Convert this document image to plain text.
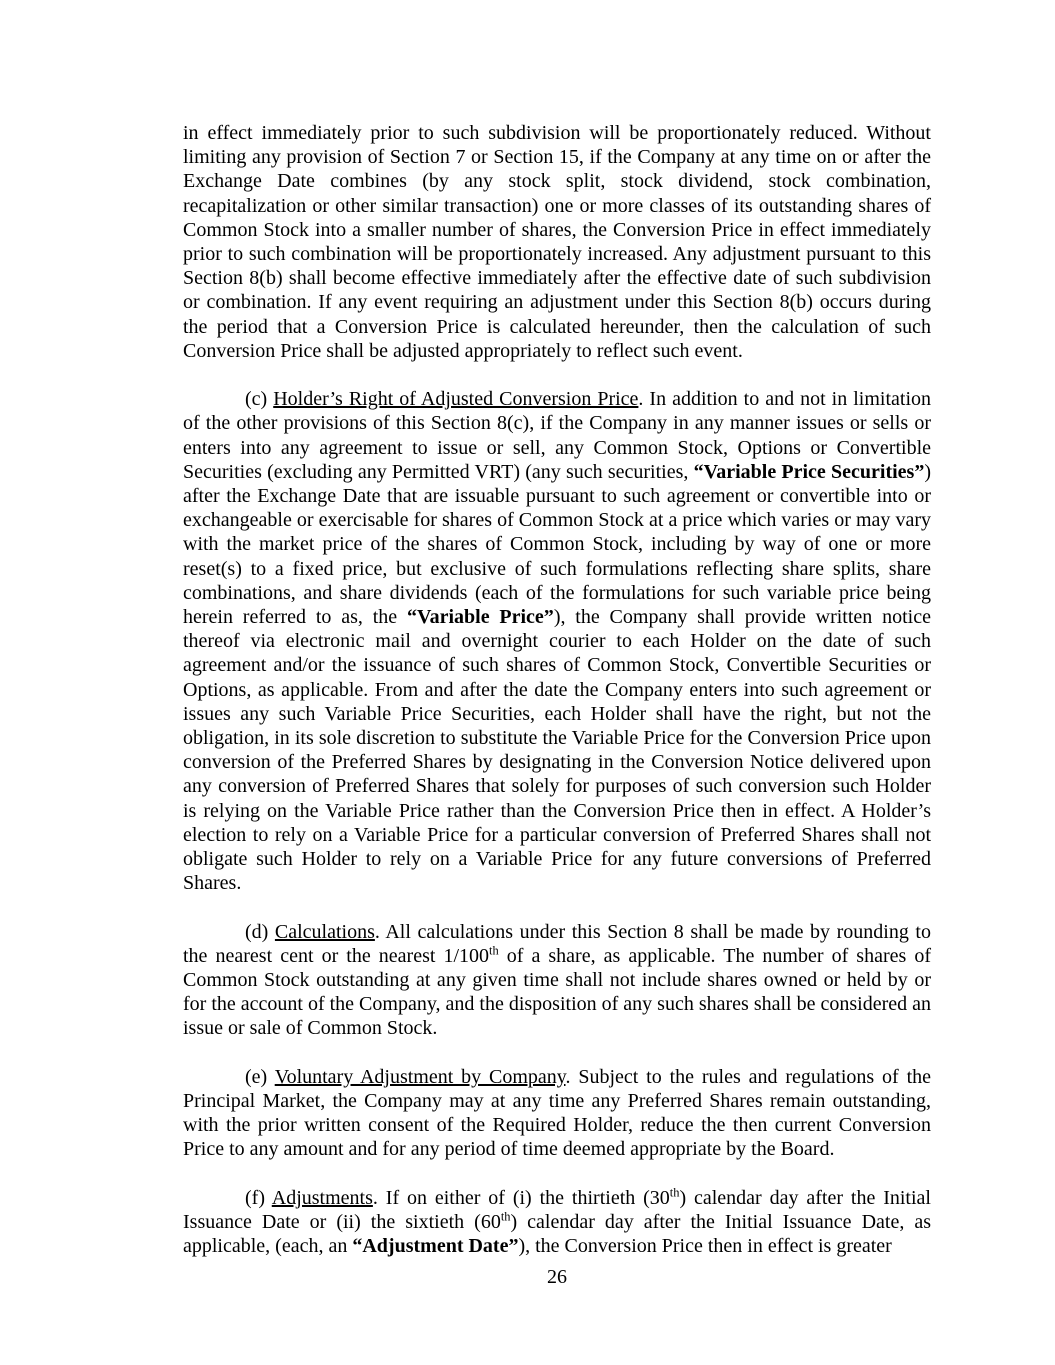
in effect immediately prior to such subdivision will be proportionately reduced. Without limiting any provision of Section 7 or Section 15, if the Company at any time on or after the Exchange Date combines (by any stock split, stock dividend, stock combination, recapitalization or other similar transaction) one or more classes of its outstanding shares of Common Stock into a smaller number of shares, the Conversion Price in effect immediately prior to such combination will be proportionately increased. Any adjustment pursuant to this Section 8(b) shall become effective immediately after the effective date of such subdivision or combination. If any event requiring an adjustment under this Section 8(b) occurs during the period that a Conversion Price is calculated hereunder, then the calculation of such Conversion Price shall be adjusted appropriately to reflect such event.

(c) Holder’s Right of Adjusted Conversion Price. In addition to and not in limitation of the other provisions of this Section 8(c), if the Company in any manner issues or sells or enters into any agreement to issue or sell, any Common Stock, Options or Convertible Securities (excluding any Permitted VRT) (any such securities, “Variable Price Securities”) after the Exchange Date that are issuable pursuant to such agreement or convertible into or exchangeable or exercisable for shares of Common Stock at a price which varies or may vary with the market price of the shares of Common Stock, including by way of one or more reset(s) to a fixed price, but exclusive of such formulations reflecting share splits, share combinations, and share dividends (each of the formulations for such variable price being herein referred to as, the “Variable Price”), the Company shall provide written notice thereof via electronic mail and overnight courier to each Holder on the date of such agreement and/or the issuance of such shares of Common Stock, Convertible Securities or Options, as applicable. From and after the date the Company enters into such agreement or issues any such Variable Price Securities, each Holder shall have the right, but not the obligation, in its sole discretion to substitute the Variable Price for the Conversion Price upon conversion of the Preferred Shares by designating in the Conversion Notice delivered upon any conversion of Preferred Shares that solely for purposes of such conversion such Holder is relying on the Variable Price rather than the Conversion Price then in effect. A Holder’s election to rely on a Variable Price for a particular conversion of Preferred Shares shall not obligate such Holder to rely on a Variable Price for any future conversions of Preferred Shares.

(d) Calculations. All calculations under this Section 8 shall be made by rounding to the nearest cent or the nearest 1/100th of a share, as applicable. The number of shares of Common Stock outstanding at any given time shall not include shares owned or held by or for the account of the Company, and the disposition of any such shares shall be considered an issue or sale of Common Stock.

(e) Voluntary Adjustment by Company. Subject to the rules and regulations of the Principal Market, the Company may at any time any Preferred Shares remain outstanding, with the prior written consent of the Required Holder, reduce the then current Conversion Price to any amount and for any period of time deemed appropriate by the Board.

(f) Adjustments. If on either of (i) the thirtieth (30th) calendar day after the Initial Issuance Date or (ii) the sixtieth (60th) calendar day after the Initial Issuance Date, as applicable, (each, an “Adjustment Date”), the Conversion Price then in effect is greater

26
